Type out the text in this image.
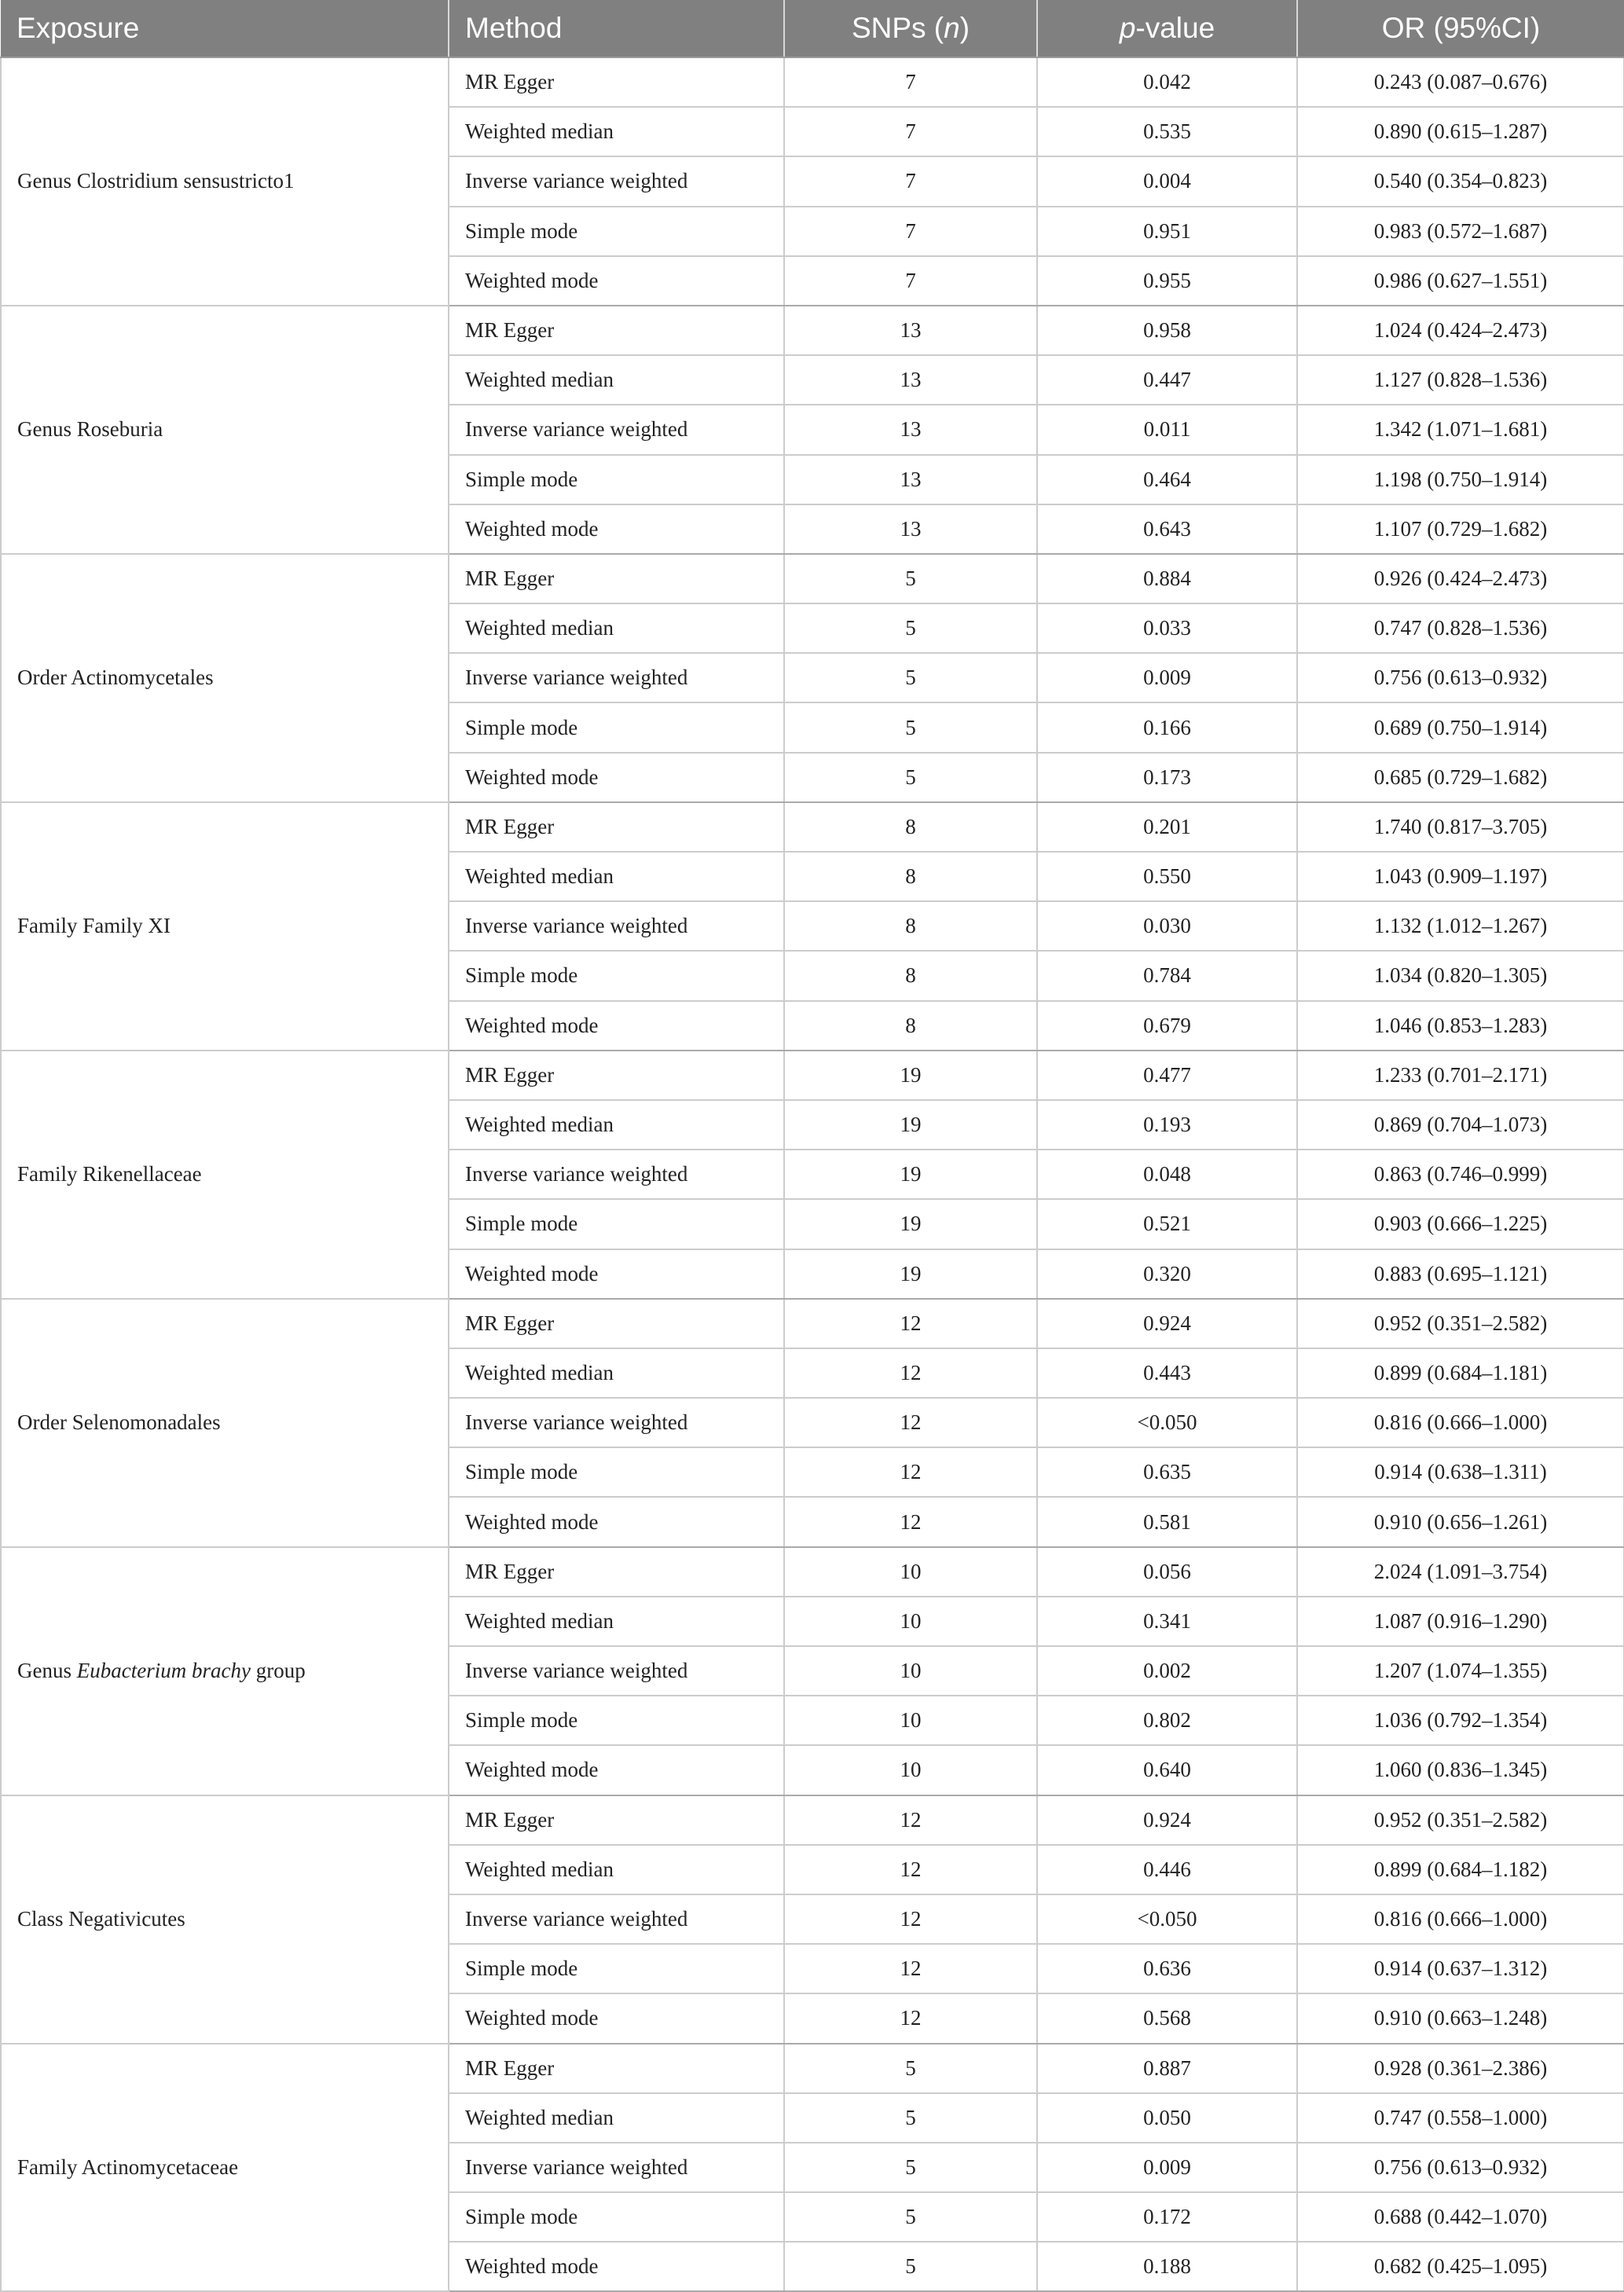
Exposure	Method	SNPs (n)	p-value	OR (95%CI)
Genus Clostridium sensustricto1	MR Egger	7	0.042	0.243 (0.087–0.676)
	Weighted median	7	0.535	0.890 (0.615–1.287)
	Inverse variance weighted	7	0.004	0.540 (0.354–0.823)
	Simple mode	7	0.951	0.983 (0.572–1.687)
	Weighted mode	7	0.955	0.986 (0.627–1.551)
Genus Roseburia	MR Egger	13	0.958	1.024 (0.424–2.473)
	Weighted median	13	0.447	1.127 (0.828–1.536)
	Inverse variance weighted	13	0.011	1.342 (1.071–1.681)
	Simple mode	13	0.464	1.198 (0.750–1.914)
	Weighted mode	13	0.643	1.107 (0.729–1.682)
Order Actinomycetales	MR Egger	5	0.884	0.926 (0.424–2.473)
	Weighted median	5	0.033	0.747 (0.828–1.536)
	Inverse variance weighted	5	0.009	0.756 (0.613–0.932)
	Simple mode	5	0.166	0.689 (0.750–1.914)
	Weighted mode	5	0.173	0.685 (0.729–1.682)
Family Family XI	MR Egger	8	0.201	1.740 (0.817–3.705)
	Weighted median	8	0.550	1.043 (0.909–1.197)
	Inverse variance weighted	8	0.030	1.132 (1.012–1.267)
	Simple mode	8	0.784	1.034 (0.820–1.305)
	Weighted mode	8	0.679	1.046 (0.853–1.283)
Family Rikenellaceae	MR Egger	19	0.477	1.233 (0.701–2.171)
	Weighted median	19	0.193	0.869 (0.704–1.073)
	Inverse variance weighted	19	0.048	0.863 (0.746–0.999)
	Simple mode	19	0.521	0.903 (0.666–1.225)
	Weighted mode	19	0.320	0.883 (0.695–1.121)
Order Selenomonadales	MR Egger	12	0.924	0.952 (0.351–2.582)
	Weighted median	12	0.443	0.899 (0.684–1.181)
	Inverse variance weighted	12	<0.050	0.816 (0.666–1.000)
	Simple mode	12	0.635	0.914 (0.638–1.311)
	Weighted mode	12	0.581	0.910 (0.656–1.261)
Genus Eubacterium brachy group	MR Egger	10	0.056	2.024 (1.091–3.754)
	Weighted median	10	0.341	1.087 (0.916–1.290)
	Inverse variance weighted	10	0.002	1.207 (1.074–1.355)
	Simple mode	10	0.802	1.036 (0.792–1.354)
	Weighted mode	10	0.640	1.060 (0.836–1.345)
Class Negativicutes	MR Egger	12	0.924	0.952 (0.351–2.582)
	Weighted median	12	0.446	0.899 (0.684–1.182)
	Inverse variance weighted	12	<0.050	0.816 (0.666–1.000)
	Simple mode	12	0.636	0.914 (0.637–1.312)
	Weighted mode	12	0.568	0.910 (0.663–1.248)
Family Actinomycetaceae	MR Egger	5	0.887	0.928 (0.361–2.386)
	Weighted median	5	0.050	0.747 (0.558–1.000)
	Inverse variance weighted	5	0.009	0.756 (0.613–0.932)
	Simple mode	5	0.172	0.688 (0.442–1.070)
	Weighted mode	5	0.188	0.682 (0.425–1.095)
